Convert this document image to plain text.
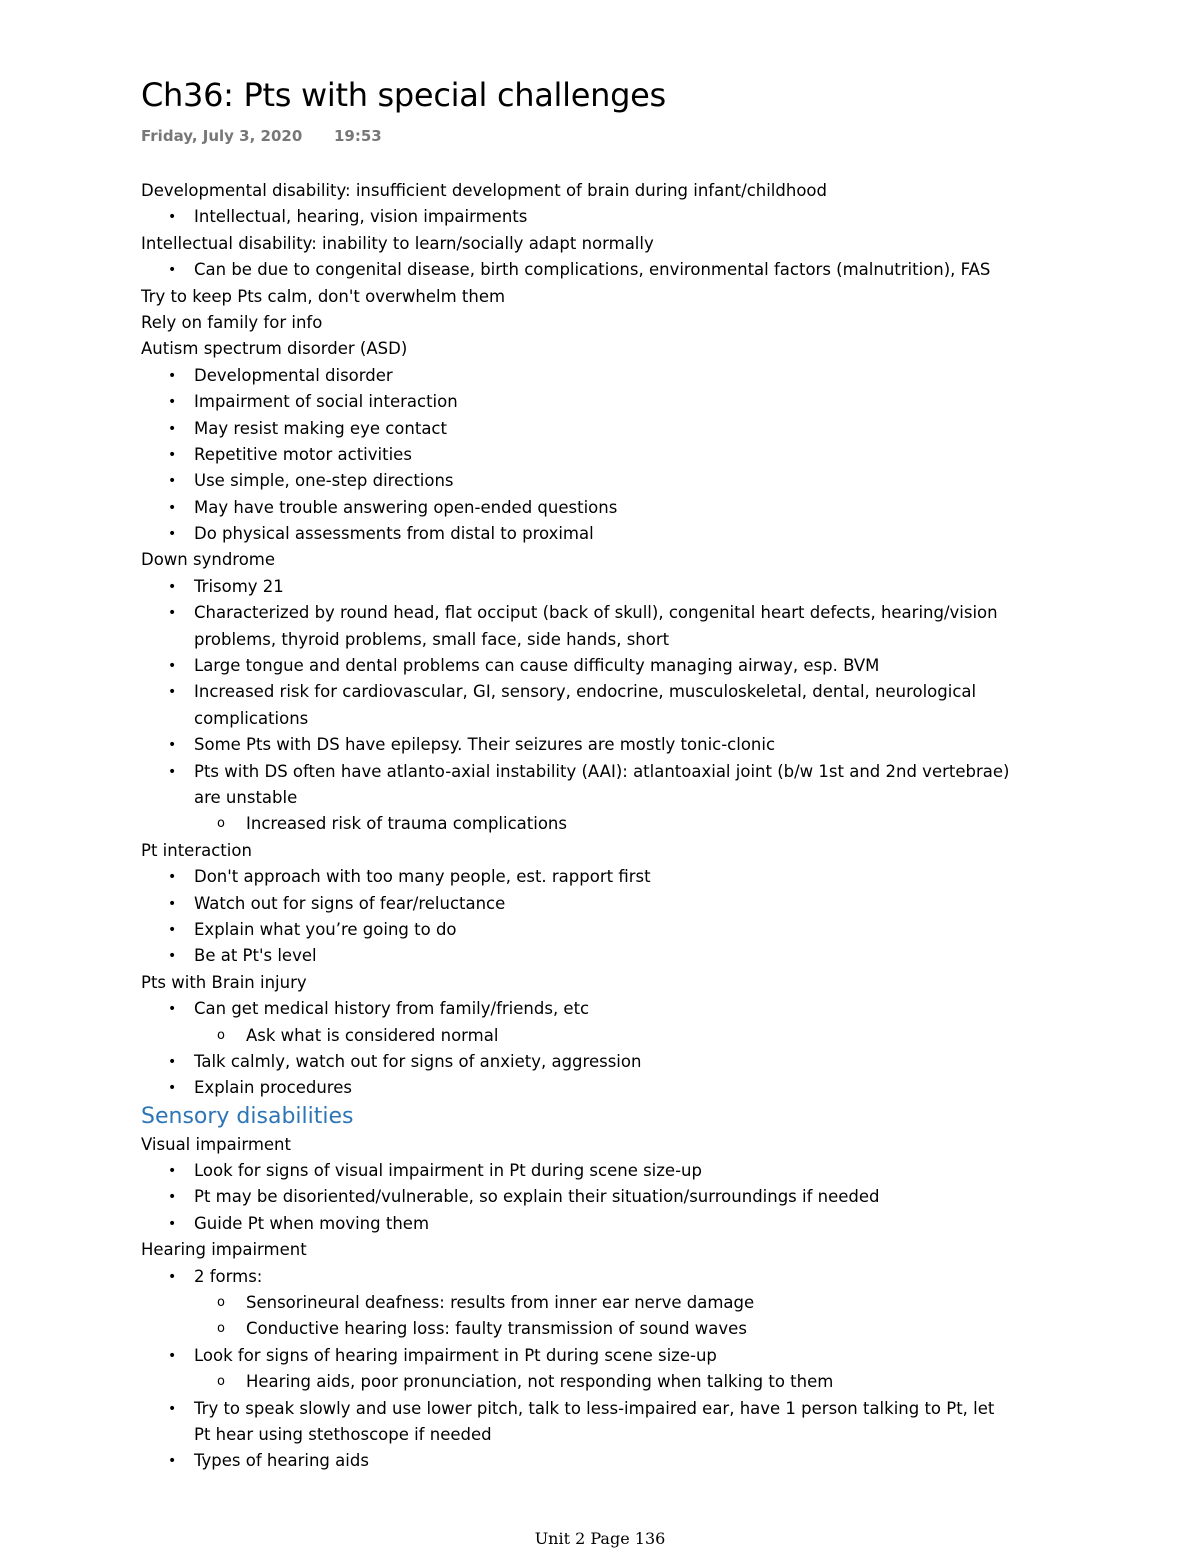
Ch36: Pts with special challenges
Friday, July 3, 2020 19:53
Developmental disability: insufficient development of brain during infant/childhood
• Intellectual, hearing, vision impairments
Intellectual disability: inability to learn/socially adapt normally
• Can be due to congenital disease, birth complications, environmental factors (malnutrition), FAS
Try to keep Pts calm, don't overwhelm them
Rely on family for info
Autism spectrum disorder (ASD)
• Developmental disorder
• Impairment of social interaction
• May resist making eye contact
• Repetitive motor activities
• Use simple, one-step directions
• May have trouble answering open-ended questions
• Do physical assessments from distal to proximal
Down syndrome
• Trisomy 21
• Characterized by round head, flat occiput (back of skull), congenital heart defects, hearing/vision
problems, thyroid problems, small face, side hands, short
• Large tongue and dental problems can cause difficulty managing airway, esp. BVM
• Increased risk for cardiovascular, GI, sensory, endocrine, musculoskeletal, dental, neurological
complications
• Some Pts with DS have epilepsy. Their seizures are mostly tonic-clonic
• Pts with DS often have atlanto-axial instability (AAI): atlantoaxial joint (b/w 1st and 2nd vertebrae)
are unstable
o Increased risk of trauma complications
Pt interaction
• Don't approach with too many people, est. rapport first
• Watch out for signs of fear/reluctance
• Explain what you’re going to do
• Be at Pt's level
Pts with Brain injury
• Can get medical history from family/friends, etc
o Ask what is considered normal
• Talk calmly, watch out for signs of anxiety, aggression
• Explain procedures
Sensory disabilities
Visual impairment
• Look for signs of visual impairment in Pt during scene size-up
• Pt may be disoriented/vulnerable, so explain their situation/surroundings if needed
• Guide Pt when moving them
Hearing impairment
• 2 forms:
o Sensorineural deafness: results from inner ear nerve damage
o Conductive hearing loss: faulty transmission of sound waves
• Look for signs of hearing impairment in Pt during scene size-up
o Hearing aids, poor pronunciation, not responding when talking to them
• Try to speak slowly and use lower pitch, talk to less-impaired ear, have 1 person talking to Pt, let
Pt hear using stethoscope if needed
• Types of hearing aids
Unit 2 Page 136
